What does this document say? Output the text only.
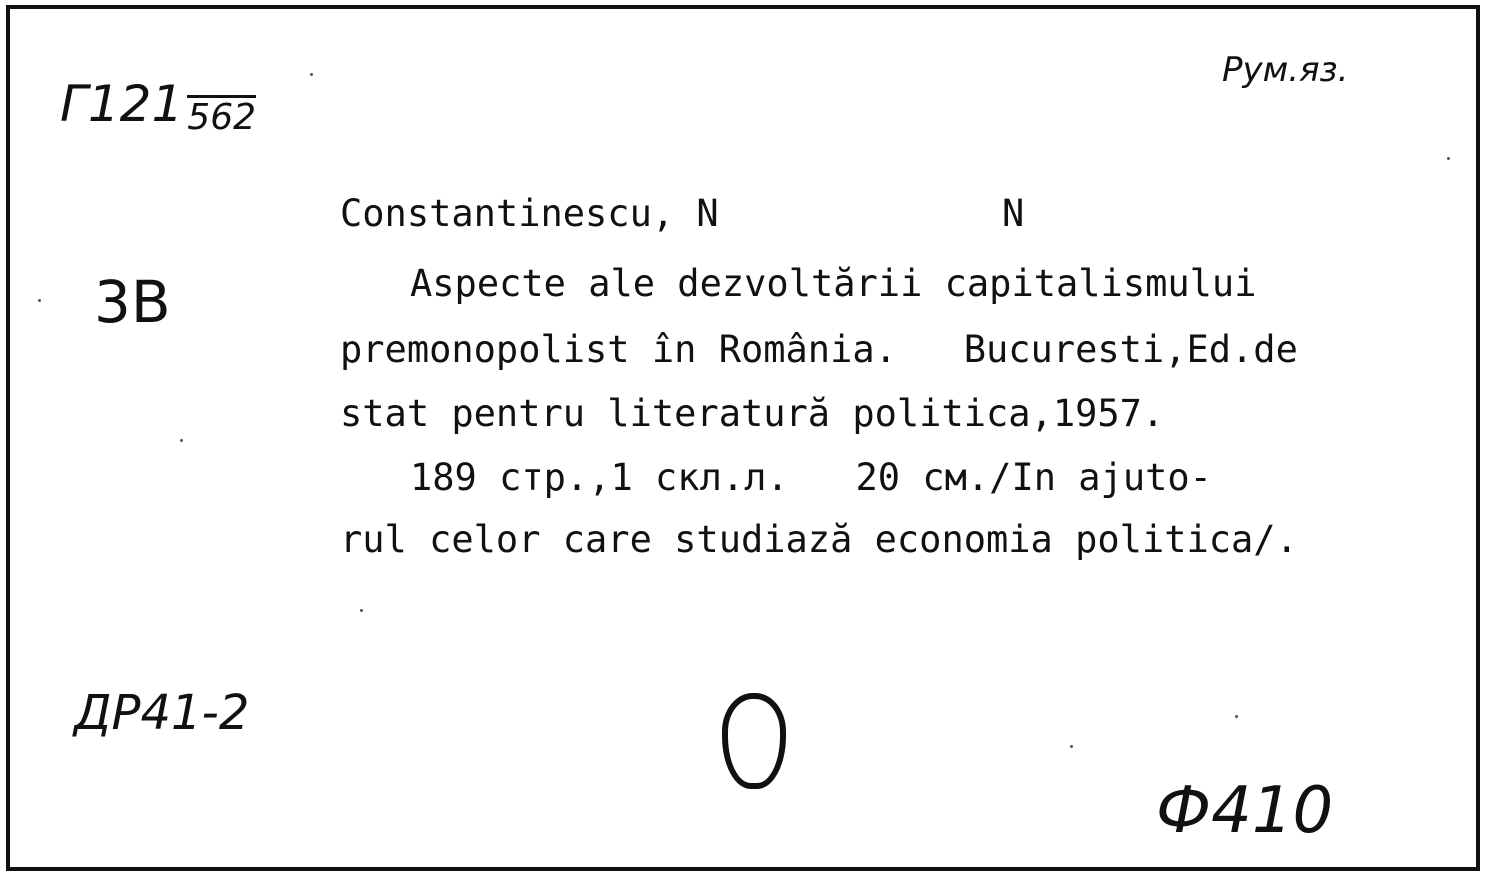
Г121 562
Рум.яз.
3B
ДР41-2
Ф410
Constantinescu, N	N
Aspecte ale dezvoltării capitalismului
premonopolist în România.   Bucuresti,Ed.de
stat pentru literatură politica,1957.
189 стр.,1 скл.л.   20 см./In ajuto-
rul celor care studiază economia politica/.
